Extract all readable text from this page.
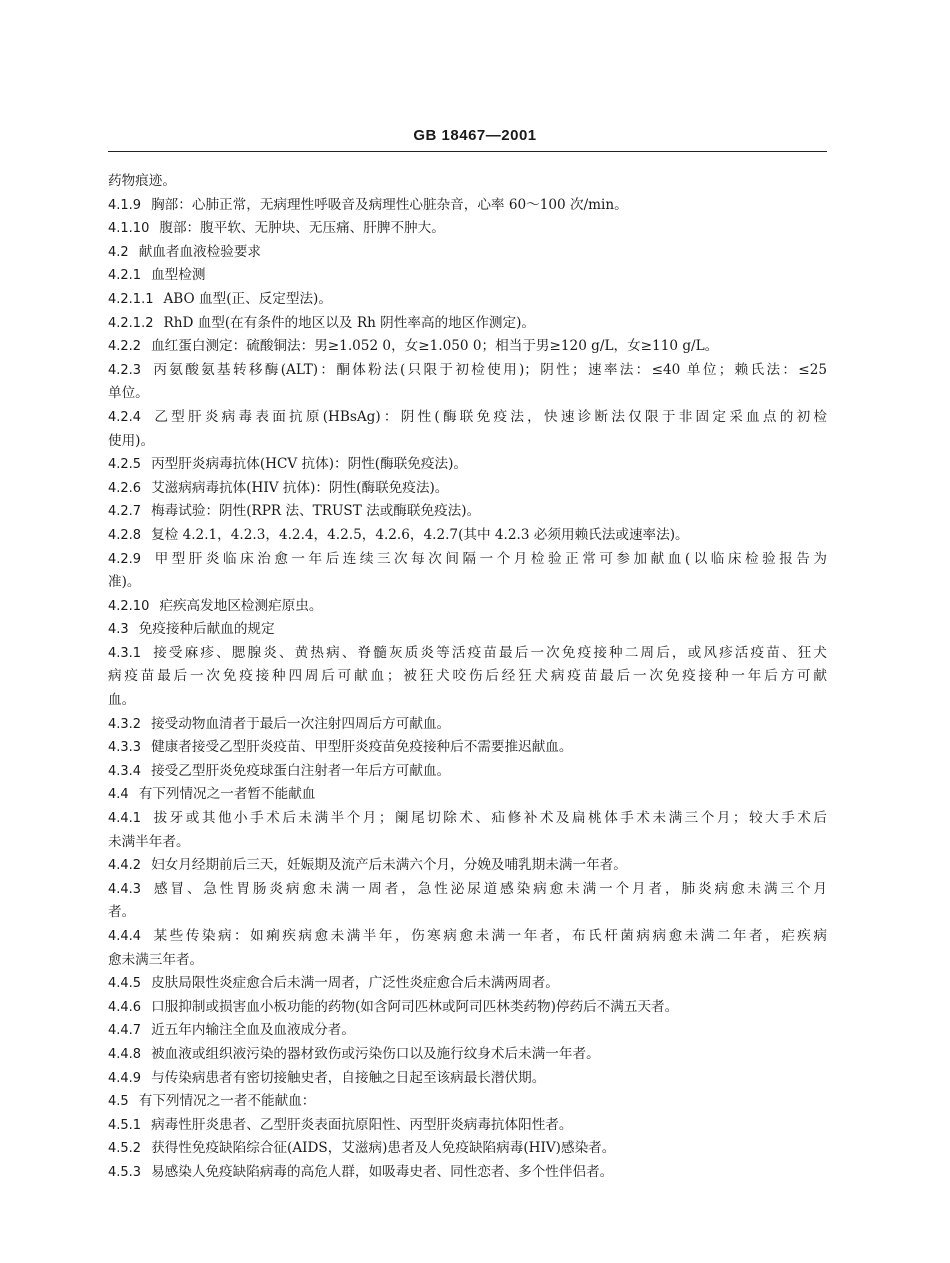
GB 18467—2001
药物痕迹。
4.1.9 胸部：心肺正常，无病理性呼吸音及病理性心脏杂音，心率 60～100 次/min。
4.1.10 腹部：腹平软、无肿块、无压痛、肝脾不肿大。
4.2 献血者血液检验要求
4.2.1 血型检测
4.2.1.1 ABO 血型(正、反定型法)。
4.2.1.2 RhD 血型(在有条件的地区以及 Rh 阴性率高的地区作测定)。
4.2.2 血红蛋白测定：硫酸铜法：男≥1.052 0，女≥1.050 0；相当于男≥120 g/L，女≥110 g/L。
4.2.3 丙氨酸氨基转移酶(ALT)：酮体粉法(只限于初检使用)；阴性；速率法：≤40 单位；赖氏法：≤25
单位。
4.2.4 乙型肝炎病毒表面抗原(HBsAg)：阴性(酶联免疫法，快速诊断法仅限于非固定采血点的初检
使用)。
4.2.5 丙型肝炎病毒抗体(HCV 抗体)：阴性(酶联免疫法)。
4.2.6 艾滋病病毒抗体(HIV 抗体)：阴性(酶联免疫法)。
4.2.7 梅毒试验：阴性(RPR 法、TRUST 法或酶联免疫法)。
4.2.8 复检 4.2.1，4.2.3，4.2.4，4.2.5，4.2.6，4.2.7(其中 4.2.3 必须用赖氏法或速率法)。
4.2.9 甲型肝炎临床治愈一年后连续三次每次间隔一个月检验正常可参加献血(以临床检验报告为
准)。
4.2.10 疟疾高发地区检测疟原虫。
4.3 免疫接种后献血的规定
4.3.1 接受麻疹、腮腺炎、黄热病、脊髓灰质炎等活疫苗最后一次免疫接种二周后，或风疹活疫苗、狂犬
病疫苗最后一次免疫接种四周后可献血；被狂犬咬伤后经狂犬病疫苗最后一次免疫接种一年后方可献
血。
4.3.2 接受动物血清者于最后一次注射四周后方可献血。
4.3.3 健康者接受乙型肝炎疫苗、甲型肝炎疫苗免疫接种后不需要推迟献血。
4.3.4 接受乙型肝炎免疫球蛋白注射者一年后方可献血。
4.4 有下列情况之一者暂不能献血
4.4.1 拔牙或其他小手术后未满半个月；阑尾切除术、疝修补术及扁桃体手术未满三个月；较大手术后
未满半年者。
4.4.2 妇女月经期前后三天，妊娠期及流产后未满六个月，分娩及哺乳期未满一年者。
4.4.3 感冒、急性胃肠炎病愈未满一周者，急性泌尿道感染病愈未满一个月者，肺炎病愈未满三个月
者。
4.4.4 某些传染病：如痢疾病愈未满半年，伤寒病愈未满一年者，布氏杆菌病病愈未满二年者，疟疾病
愈未满三年者。
4.4.5 皮肤局限性炎症愈合后未满一周者，广泛性炎症愈合后未满两周者。
4.4.6 口服抑制或损害血小板功能的药物(如含阿司匹林或阿司匹林类药物)停药后不满五天者。
4.4.7 近五年内输注全血及血液成分者。
4.4.8 被血液或组织液污染的器材致伤或污染伤口以及施行纹身术后未满一年者。
4.4.9 与传染病患者有密切接触史者，自接触之日起至该病最长潜伏期。
4.5 有下列情况之一者不能献血：
4.5.1 病毒性肝炎患者、乙型肝炎表面抗原阳性、丙型肝炎病毒抗体阳性者。
4.5.2 获得性免疫缺陷综合征(AIDS，艾滋病)患者及人免疫缺陷病毒(HIV)感染者。
4.5.3 易感染人免疫缺陷病毒的高危人群，如吸毒史者、同性恋者、多个性伴侣者。
